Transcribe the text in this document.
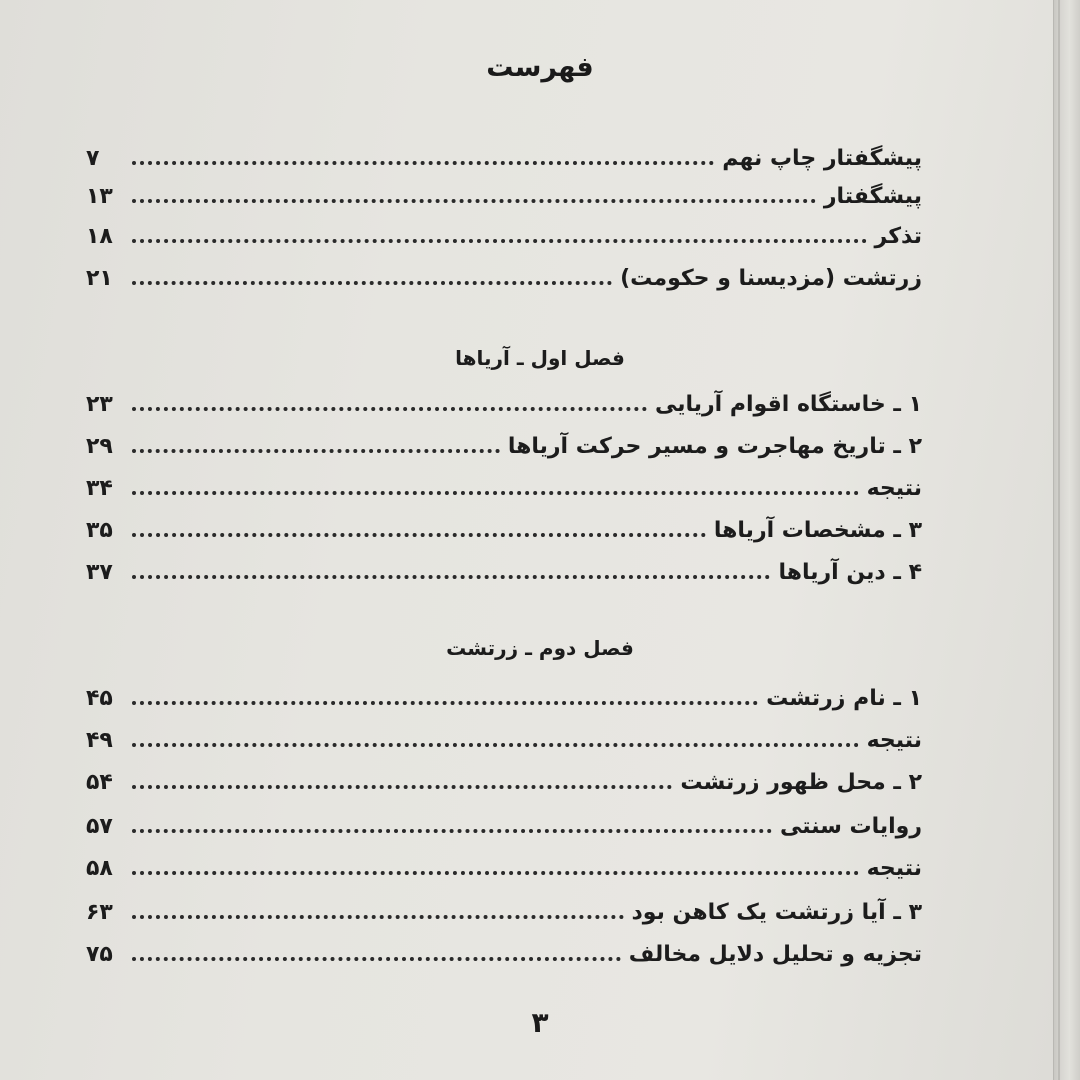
فهرست
پیشگفتار چاپ نهم
۷
پیشگفتار
۱۳
تذکر
۱۸
زرتشت (مزدیسنا و حکومت)
۲۱
فصل اول ـ آریاها
۱ ـ خاستگاه اقوام آریایی
۲۳
۲ ـ تاریخ مهاجرت و مسیر حرکت آریاها
۲۹
نتیجه
۳۴
۳ ـ مشخصات آریاها
۳۵
۴ ـ دین آریاها
۳۷
فصل دوم ـ زرتشت
۱ ـ نام زرتشت
۴۵
نتیجه
۴۹
۲ ـ محل ظهور زرتشت
۵۴
روایات سنتی
۵۷
نتیجه
۵۸
۳ ـ آیا زرتشت یک کاهن بود
۶۳
تجزیه و تحلیل دلایل مخالف
۷۵
۳
